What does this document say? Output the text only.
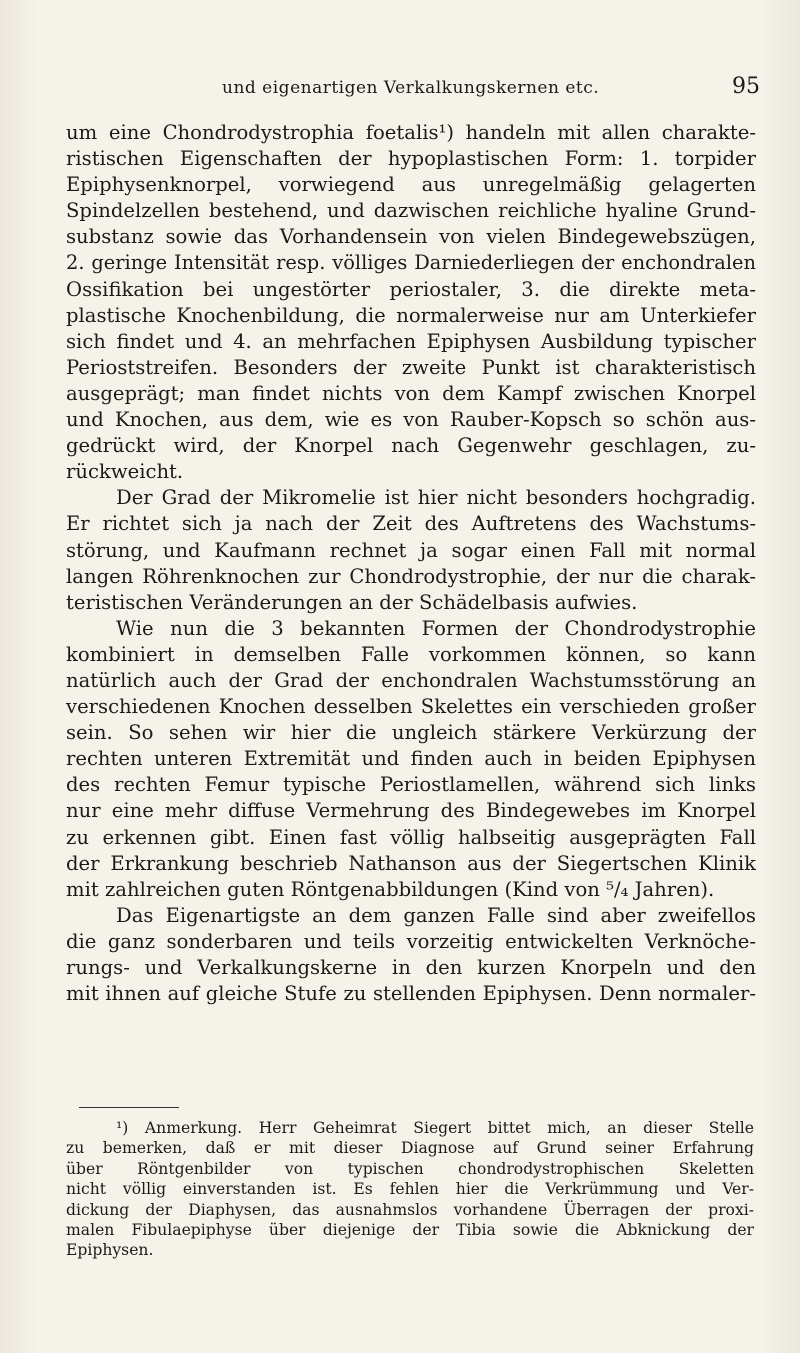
und eigenartigen Verkalkungskernen etc.	95
um eine Chondrodystrophia foetalis¹) handeln mit allen charakte-
ristischen Eigenschaften der hypoplastischen Form: 1. torpider
Epiphysenknorpel, vorwiegend aus unregelmäßig gelagerten
Spindelzellen bestehend, und dazwischen reichliche hyaline Grund-
substanz sowie das Vorhandensein von vielen Bindegewebszügen,
2. geringe Intensität resp. völliges Darniederliegen der enchondralen
Ossifikation bei ungestörter periostaler, 3. die direkte meta-
plastische Knochenbildung, die normalerweise nur am Unterkiefer
sich findet und 4. an mehrfachen Epiphysen Ausbildung typischer
Perioststreifen. Besonders der zweite Punkt ist charakteristisch
ausgeprägt; man findet nichts von dem Kampf zwischen Knorpel
und Knochen, aus dem, wie es von Rauber-Kopsch so schön aus-
gedrückt wird, der Knorpel nach Gegenwehr geschlagen, zu-
rückweicht.
Der Grad der Mikromelie ist hier nicht besonders hochgradig.
Er richtet sich ja nach der Zeit des Auftretens des Wachstums-
störung, und Kaufmann rechnet ja sogar einen Fall mit normal
langen Röhrenknochen zur Chondrodystrophie, der nur die charak-
teristischen Veränderungen an der Schädelbasis aufwies.
Wie nun die 3 bekannten Formen der Chondrodystrophie
kombiniert in demselben Falle vorkommen können, so kann
natürlich auch der Grad der enchondralen Wachstumsstörung an
verschiedenen Knochen desselben Skelettes ein verschieden großer
sein. So sehen wir hier die ungleich stärkere Verkürzung der
rechten unteren Extremität und finden auch in beiden Epiphysen
des rechten Femur typische Periostlamellen, während sich links
nur eine mehr diffuse Vermehrung des Bindegewebes im Knorpel
zu erkennen gibt. Einen fast völlig halbseitig ausgeprägten Fall
der Erkrankung beschrieb Nathanson aus der Siegertschen Klinik
mit zahlreichen guten Röntgenabbildungen (Kind von ⁵/₄ Jahren).
Das Eigenartigste an dem ganzen Falle sind aber zweifellos
die ganz sonderbaren und teils vorzeitig entwickelten Verknöche-
rungs- und Verkalkungskerne in den kurzen Knorpeln und den
mit ihnen auf gleiche Stufe zu stellenden Epiphysen. Denn normaler-
¹) Anmerkung. Herr Geheimrat Siegert bittet mich, an dieser Stelle
zu bemerken, daß er mit dieser Diagnose auf Grund seiner Erfahrung
über Röntgenbilder von typischen chondrodystrophischen Skeletten
nicht völlig einverstanden ist. Es fehlen hier die Verkrümmung und Ver-
dickung der Diaphysen, das ausnahmslos vorhandene Überragen der proxi-
malen Fibulaepiphyse über diejenige der Tibia sowie die Abknickung der
Epiphysen.
